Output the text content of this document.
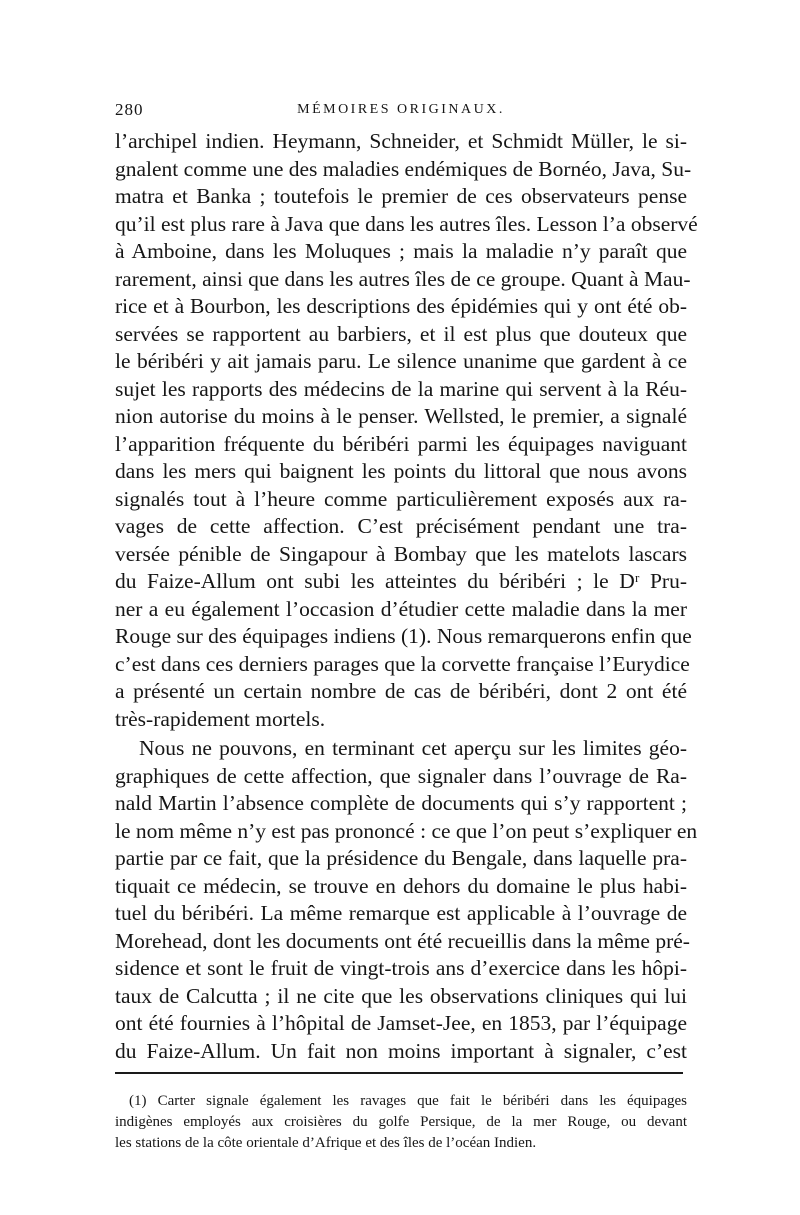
280	MÉMOIRES ORIGINAUX.
l’archipel indien. Heymann, Schneider, et Schmidt Müller, le si-
gnalent comme une des maladies endémiques de Bornéo, Java, Su-
matra et Banka ; toutefois le premier de ces observateurs pense
qu’il est plus rare à Java que dans les autres îles. Lesson l’a observé
à Amboine, dans les Moluques ; mais la maladie n’y paraît que
rarement, ainsi que dans les autres îles de ce groupe. Quant à Mau-
rice et à Bourbon, les descriptions des épidémies qui y ont été ob-
servées se rapportent au barbiers, et il est plus que douteux que
le béribéri y ait jamais paru. Le silence unanime que gardent à ce
sujet les rapports des médecins de la marine qui servent à la Réu-
nion autorise du moins à le penser. Wellsted, le premier, a signalé
l’apparition fréquente du béribéri parmi les équipages naviguant
dans les mers qui baignent les points du littoral que nous avons
signalés tout à l’heure comme particulièrement exposés aux ra-
vages de cette affection. C’est précisément pendant une tra-
versée pénible de Singapour à Bombay que les matelots lascars
du Faize-Allum ont subi les atteintes du béribéri ; le Dʳ Pru-
ner a eu également l’occasion d’étudier cette maladie dans la mer
Rouge sur des équipages indiens (1). Nous remarquerons enfin que
c’est dans ces derniers parages que la corvette française l’Eurydice
a présenté un certain nombre de cas de béribéri, dont 2 ont été
très-rapidement mortels.
Nous ne pouvons, en terminant cet aperçu sur les limites géo-
graphiques de cette affection, que signaler dans l’ouvrage de Ra-
nald Martin l’absence complète de documents qui s’y rapportent ;
le nom même n’y est pas prononcé : ce que l’on peut s’expliquer en
partie par ce fait, que la présidence du Bengale, dans laquelle pra-
tiquait ce médecin, se trouve en dehors du domaine le plus habi-
tuel du béribéri. La même remarque est applicable à l’ouvrage de
Morehead, dont les documents ont été recueillis dans la même pré-
sidence et sont le fruit de vingt-trois ans d’exercice dans les hôpi-
taux de Calcutta ; il ne cite que les observations cliniques qui lui
ont été fournies à l’hôpital de Jamset-Jee, en 1853, par l’équipage
du Faize-Allum. Un fait non moins important à signaler, c’est
(1) Carter signale également les ravages que fait le béribéri dans les équipages
indigènes employés aux croisières du golfe Persique, de la mer Rouge, ou devant
les stations de la côte orientale d’Afrique et des îles de l’océan Indien.
